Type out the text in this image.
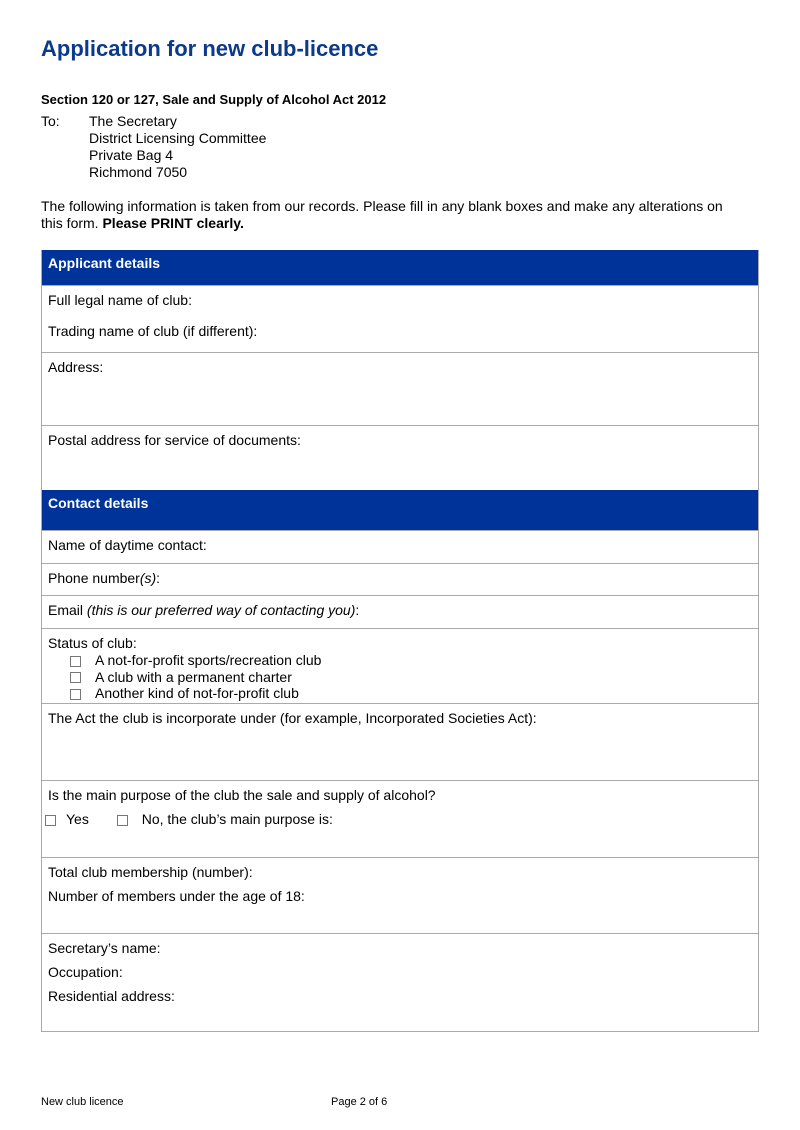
Application for new club-licence
Section 120 or 127, Sale and Supply of Alcohol Act 2012
To: The Secretary
District Licensing Committee
Private Bag 4
Richmond 7050
The following information is taken from our records. Please fill in any blank boxes and make any alterations on this form. Please PRINT clearly.
Applicant details
Full legal name of club:
Trading name of club (if different):
Address:
Postal address for service of documents:
Contact details
Name of daytime contact:
Phone number(s):
Email (this is our preferred way of contacting you):
Status of club:
A not-for-profit sports/recreation club
A club with a permanent charter
Another kind of not-for-profit club
The Act the club is incorporate under (for example, Incorporated Societies Act):
Is the main purpose of the club the sale and supply of alcohol?
Yes	No, the club’s main purpose is:
Total club membership (number):
Number of members under the age of 18:
Secretary’s name:
Occupation:
Residential address:
New club licence	Page 2 of 6
